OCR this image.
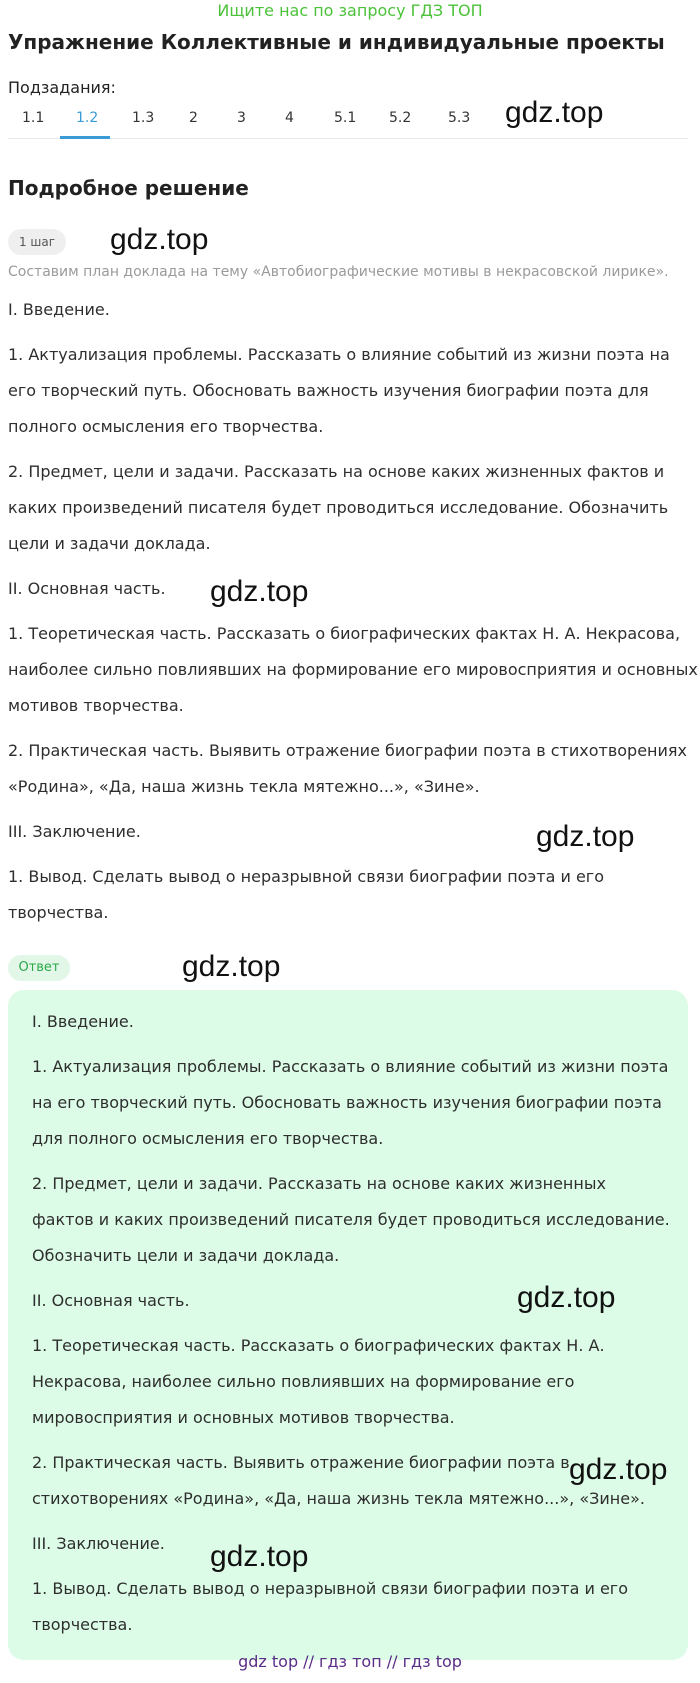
Ищите нас по запросу ГДЗ ТОП
Упражнение Коллективные и индивидуальные проекты
Подзадания:
1.1 1.2 1.3 2	3	4	5.1 5.2	5.3
Подробное решение
1 шаг
Составим план доклада на тему «Автобиографические мотивы в некрасовской лирике».

I. Введение.

1. Актуализация проблемы. Рассказать о влияние событий из жизни поэта на его творческий путь. Обосновать важность изучения биографии поэта для полного осмысления его творчества.

2. Предмет, цели и задачи. Рассказать на основе каких жизненных фактов и каких произведений писателя будет проводиться исследование. Обозначить цели и задачи доклада.

II. Основная часть.

1. Теоретическая часть. Рассказать о биографических фактах Н. А. Некрасова, наиболее сильно повлиявших на формирование его мировосприятия и основных мотивов творчества.

2. Практическая часть. Выявить отражение биографии поэта в стихотворениях «Родина», «Да, наша жизнь текла мятежно...», «Зине».

III. Заключение.

1. Вывод. Сделать вывод о неразрывной связи биографии поэта и его творчества.

Ответ

I. Введение.

1. Актуализация проблемы. Рассказать о влияние событий из жизни поэта на его творческий путь. Обосновать важность изучения биографии поэта для полного осмысления его творчества.

2. Предмет, цели и задачи. Рассказать на основе каких жизненных фактов и каких произведений писателя будет проводиться исследование. Обозначить цели и задачи доклада.

II. Основная часть.

1. Теоретическая часть. Рассказать о биографических фактах Н. А. Некрасова, наиболее сильно повлиявших на формирование его мировосприятия и основных мотивов творчества.

2. Практическая часть. Выявить отражение биографии поэта в стихотворениях «Родина», «Да, наша жизнь текла мятежно...», «Зине».

III. Заключение.

1. Вывод. Сделать вывод о неразрывной связи биографии поэта и его творчества.

gdz.top
gdz.top
gdz.top
gdz.top
gdz.top
gdz.top
gdz.top
gdz.top
gdz top // гдз топ // гдз top
